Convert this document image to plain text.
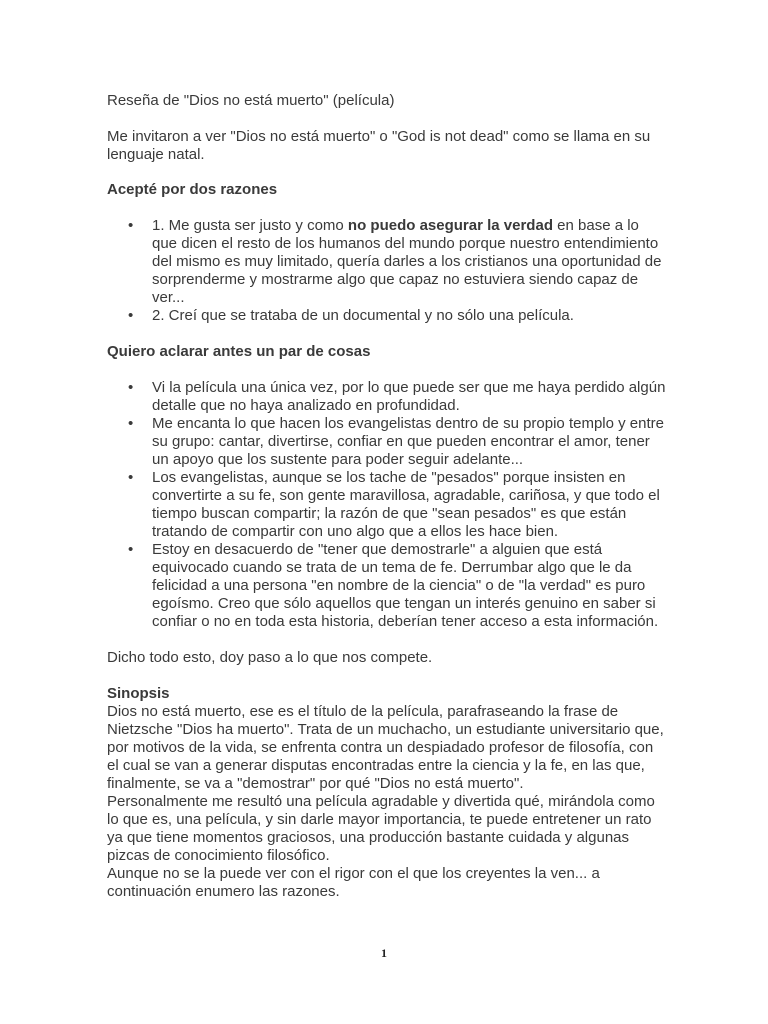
Reseña de "Dios no está muerto" (película)

Me invitaron a ver "Dios no está muerto" o "God is not dead" como se llama en su lenguaje natal.

Acepté por dos razones

• 1. Me gusta ser justo y como no puedo asegurar la verdad en base a lo que dicen el resto de los humanos del mundo porque nuestro entendimiento del mismo es muy limitado, quería darles a los cristianos una oportunidad de sorprenderme y mostrarme algo que capaz no estuviera siendo capaz de ver...
• 2. Creí que se trataba de un documental y no sólo una película.

Quiero aclarar antes un par de cosas

• Vi la película una única vez, por lo que puede ser que me haya perdido algún detalle que no haya analizado en profundidad.
• Me encanta lo que hacen los evangelistas dentro de su propio templo y entre su grupo: cantar, divertirse, confiar en que pueden encontrar el amor, tener un apoyo que los sustente para poder seguir adelante...
• Los evangelistas, aunque se los tache de "pesados" porque insisten en convertirte a su fe, son gente maravillosa, agradable, cariñosa, y que todo el tiempo buscan compartir; la razón de que "sean pesados" es que están tratando de compartir con uno algo que a ellos les hace bien.
• Estoy en desacuerdo de "tener que demostrarle" a alguien que está equivocado cuando se trata de un tema de fe. Derrumbar algo que le da felicidad a una persona "en nombre de la ciencia" o de "la verdad" es puro egoísmo. Creo que sólo aquellos que tengan un interés genuino en saber si confiar o no en toda esta historia, deberían tener acceso a esta información.

Dicho todo esto, doy paso a lo que nos compete.

Sinopsis

Dios no está muerto, ese es el título de la película, parafraseando la frase de Nietzsche "Dios ha muerto". Trata de un muchacho, un estudiante universitario que, por motivos de la vida, se enfrenta contra un despiadado profesor de filosofía, con el cual se van a generar disputas encontradas entre la ciencia y la fe, en las que, finalmente, se va a "demostrar" por qué "Dios no está muerto".

Personalmente me resultó una película agradable y divertida qué, mirándola como lo que es, una película, y sin darle mayor importancia, te puede entretener un rato ya que tiene momentos graciosos, una producción bastante cuidada y algunas pizcas de conocimiento filosófico.

Aunque no se la puede ver con el rigor con el que los creyentes la ven... a continuación enumero las razones.

1
